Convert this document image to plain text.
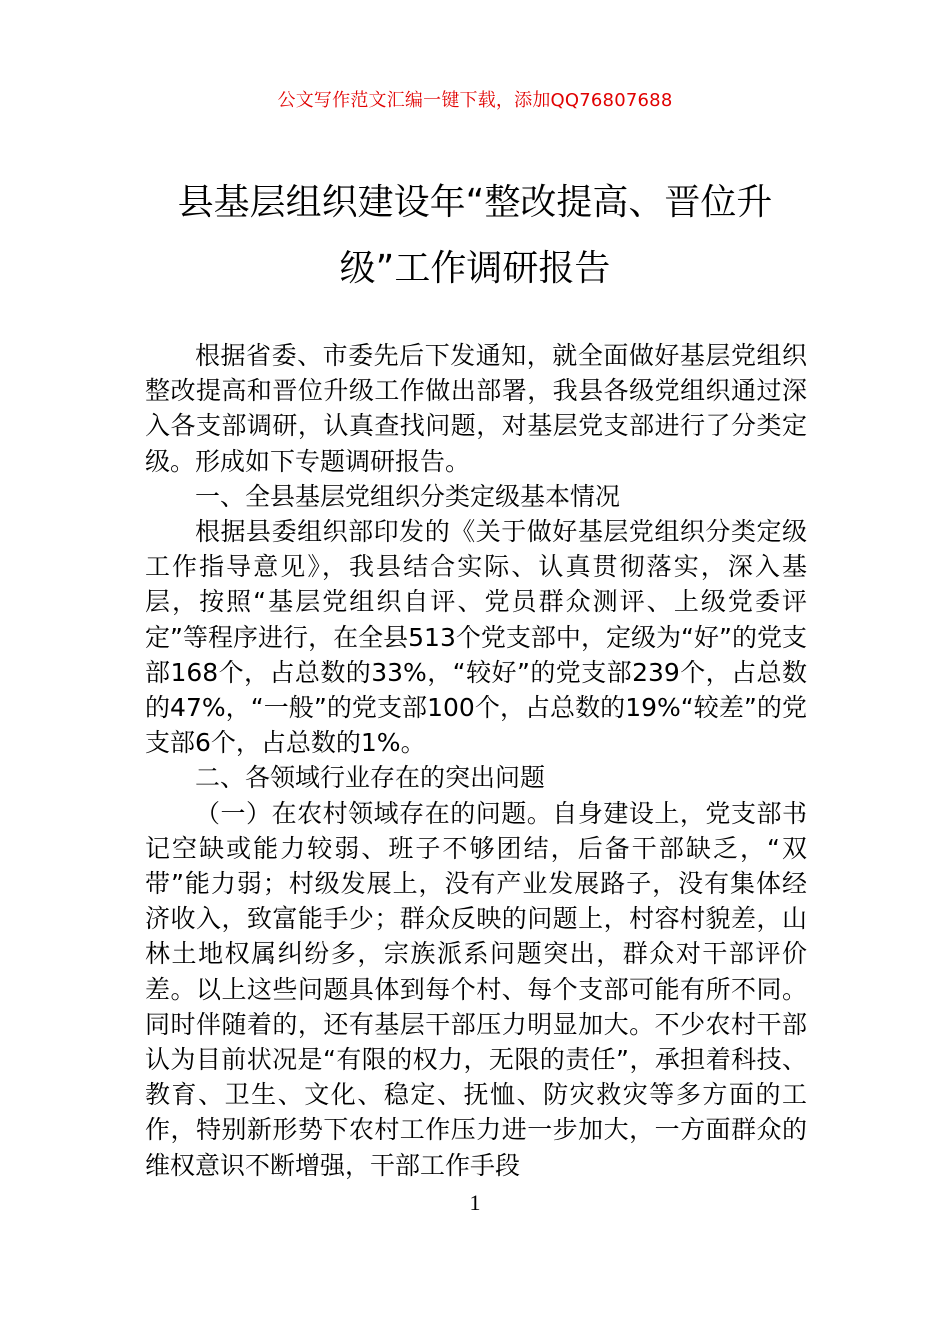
公文写作范文汇编一键下载，添加QQ76807688
县基层组织建设年“整改提高、晋位升
级”工作调研报告

根据省委、市委先后下发通知，就全面做好基层党组织整改提高和晋位升级工作做出部署，我县各级党组织通过深入各支部调研，认真查找问题，对基层党支部进行了分类定级。形成如下专题调研报告。

一、全县基层党组织分类定级基本情况

根据县委组织部印发的《关于做好基层党组织分类定级工作指导意见》，我县结合实际、认真贯彻落实，深入基层，按照“基层党组织自评、党员群众测评、上级党委评定”等程序进行，在全县513个党支部中，定级为“好”的党支部168个，占总数的33%，“较好”的党支部239个，占总数的47%，“一般”的党支部100个，占总数的19%“较差”的党支部6个，占总数的1%。

二、各领域行业存在的突出问题

（一）在农村领域存在的问题。自身建设上，党支部书记空缺或能力较弱、班子不够团结，后备干部缺乏，“双带”能力弱；村级发展上，没有产业发展路子，没有集体经济收入，致富能手少；群众反映的问题上，村容村貌差，山林土地权属纠纷多，宗族派系问题突出，群众对干部评价差。以上这些问题具体到每个村、每个支部可能有所不同。同时伴随着的，还有基层干部压力明显加大。不少农村干部认为目前状况是“有限的权力，无限的责任”，承担着科技、教育、卫生、文化、稳定、抚恤、防灾救灾等多方面的工作，特别新形势下农村工作压力进一步加大，一方面群众的维权意识不断增强，干部工作手段

1
